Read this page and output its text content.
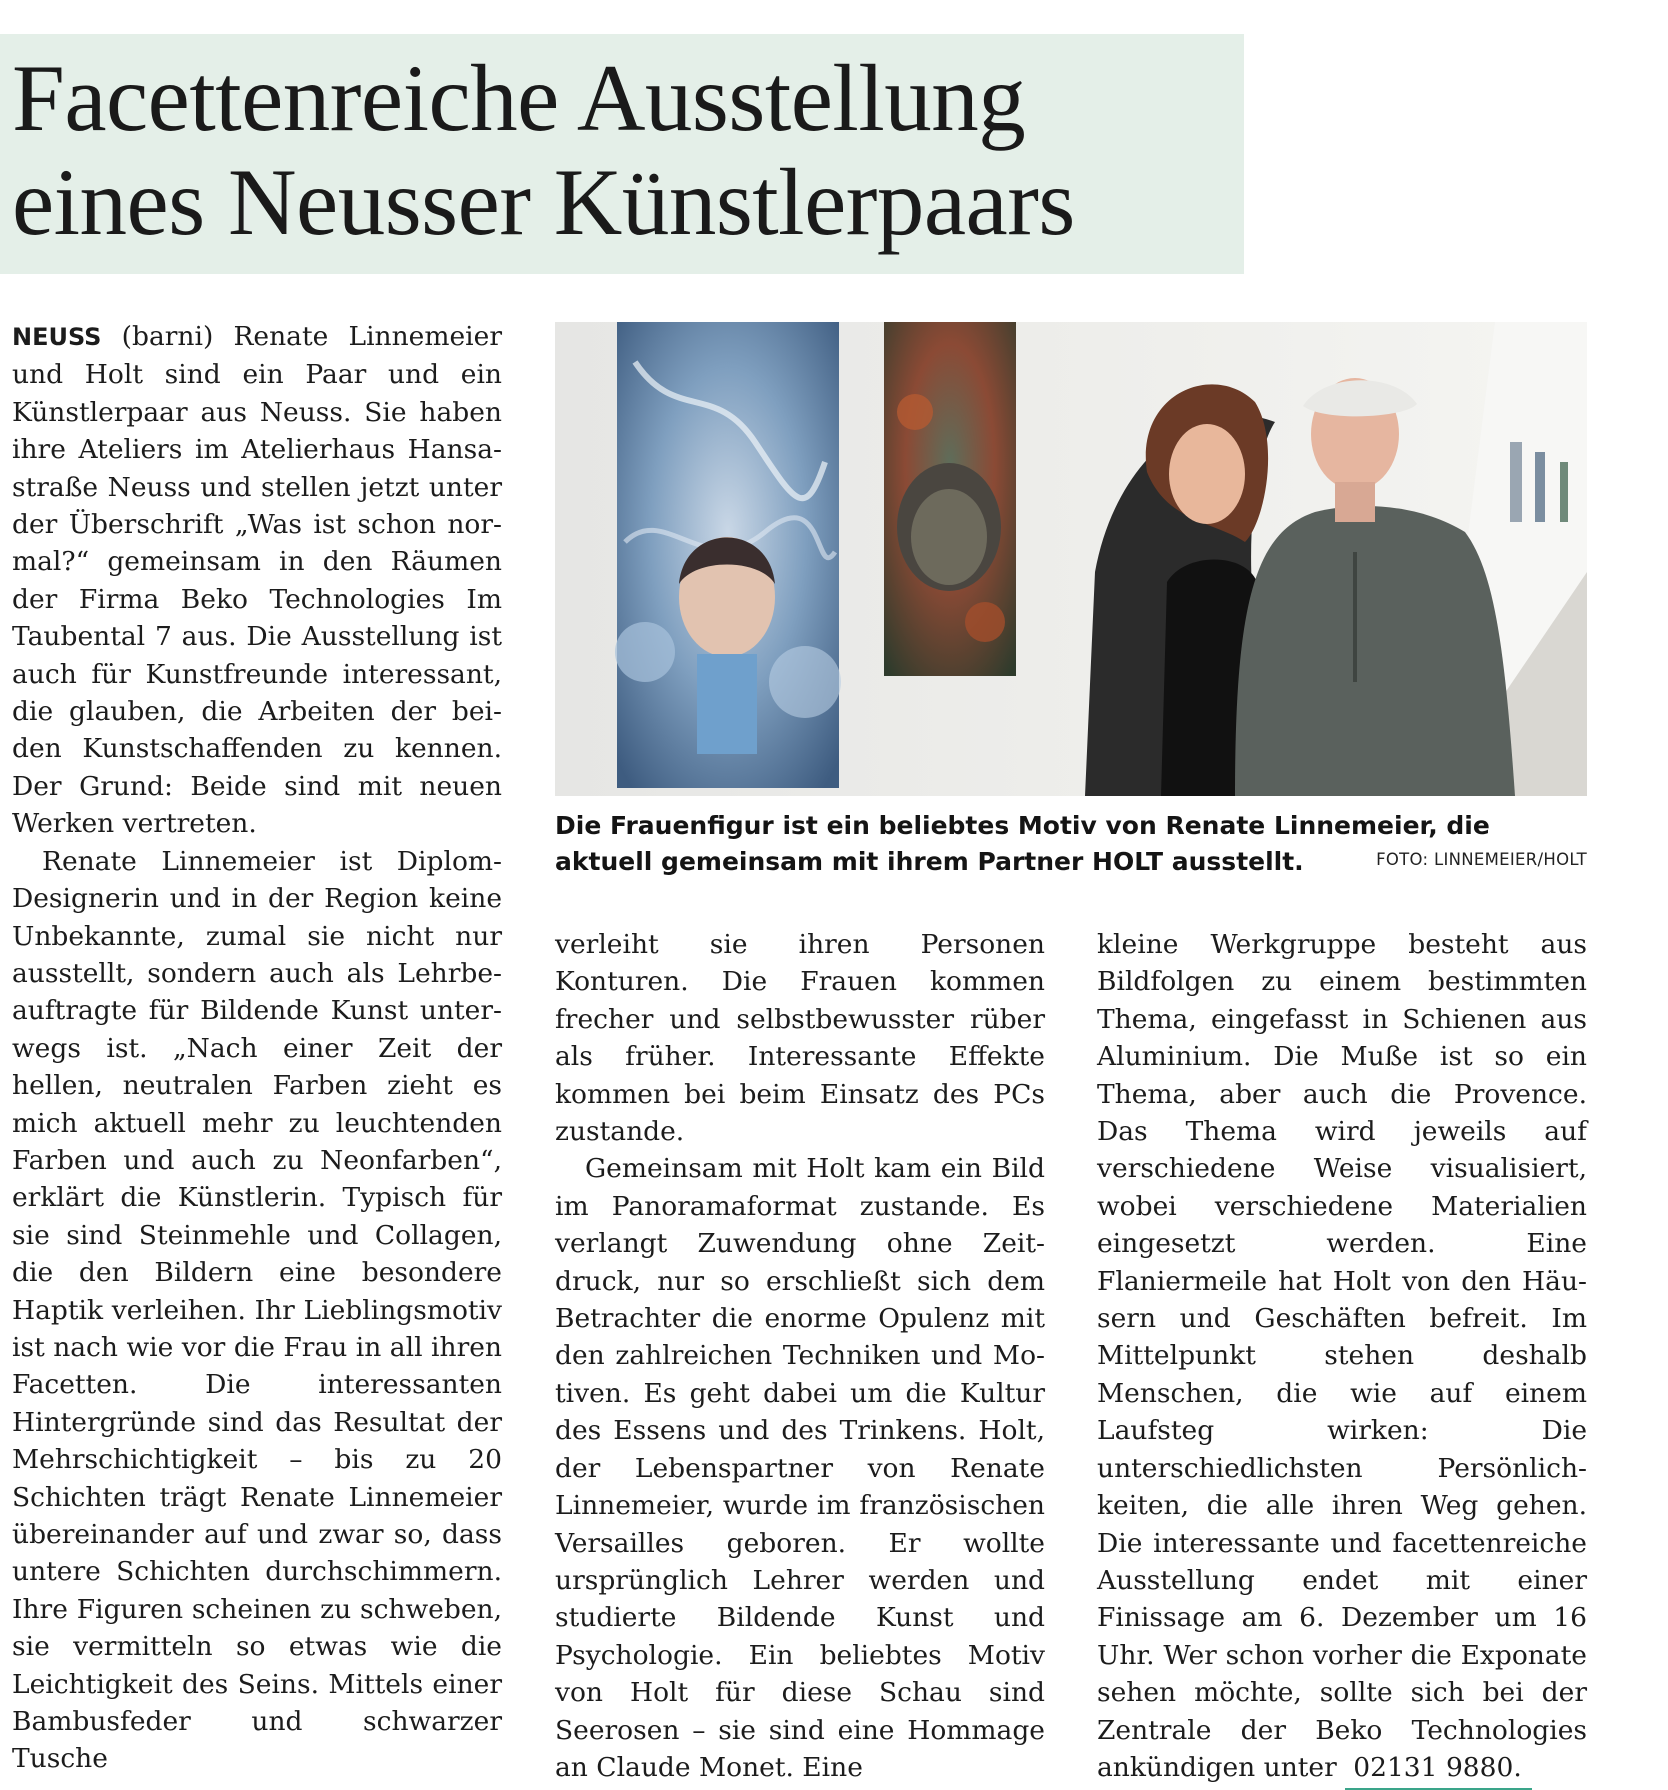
Facettenreiche Ausstellung
eines Neusser Künstlerpaars

NEUSS (barni) Renate Linnemeier und Holt sind ein Paar und ein Künstlerpaar aus Neuss. Sie haben ihre Ateliers im Atelierhaus Hansastraße Neuss und stellen jetzt unter der Überschrift „Was ist schon normal?“ gemeinsam in den Räumen der Firma Beko Technologies Im Taubental 7 aus. Die Ausstellung ist auch für Kunstfreunde interessant, die glauben, die Arbeiten der beiden Kunstschaffenden zu kennen. Der Grund: Beide sind mit neuen Werken vertreten.

Renate Linnemeier ist Diplom-Designerin und in der Region keine Unbekannte, zumal sie nicht nur ausstellt, sondern auch als Lehrbeauftragte für Bildende Kunst unterwegs ist. „Nach einer Zeit der hellen, neutralen Farben zieht es mich aktuell mehr zu leuchtenden Farben und auch zu Neonfarben“, erklärt die Künstlerin. Typisch für sie sind Steinmehle und Collagen, die den Bildern eine besondere Haptik verleihen. Ihr Lieblingsmotiv ist nach wie vor die Frau in all ihren Facetten. Die interessanten Hintergründe sind das Resultat der Mehrschichtigkeit – bis zu 20 Schichten trägt Renate Linnemeier übereinander auf und zwar so, dass untere Schichten durchschimmern. Ihre Figuren scheinen zu schweben, sie vermitteln so etwas wie die Leichtigkeit des Seins. Mittels einer Bambusfeder und schwarzer Tusche

Die Frauenfigur ist ein beliebtes Motiv von Renate Linnemeier, die aktuell gemeinsam mit ihrem Partner HOLT ausstellt.	FOTO: LINNEMEIER/HOLT

verleiht sie ihren Personen Konturen. Die Frauen kommen frecher und selbstbewusster rüber als früher. Interessante Effekte kommen bei beim Einsatz des PCs zustande.

Gemeinsam mit Holt kam ein Bild im Panoramaformat zustande. Es verlangt Zuwendung ohne Zeitdruck, nur so erschließt sich dem Betrachter die enorme Opulenz mit den zahlreichen Techniken und Motiven. Es geht dabei um die Kultur des Essens und des Trinkens. Holt, der Lebenspartner von Renate Linnemeier, wurde im französischen Versailles geboren. Er wollte ursprünglich Lehrer werden und studierte Bildende Kunst und Psychologie. Ein beliebtes Motiv von Holt für diese Schau sind Seerosen – sie sind eine Hommage an Claude Monet. Eine

kleine Werkgruppe besteht aus Bildfolgen zu einem bestimmten Thema, eingefasst in Schienen aus Aluminium. Die Muße ist so ein Thema, aber auch die Provence. Das Thema wird jeweils auf verschiedene Weise visualisiert, wobei verschiedene Materialien eingesetzt werden. Eine Flaniermeile hat Holt von den Häusern und Geschäften befreit. Im Mittelpunkt stehen deshalb Menschen, die wie auf einem Laufsteg wirken: Die unterschiedlichsten Persönlichkeiten, die alle ihren Weg gehen. Die interessante und facettenreiche Ausstellung endet mit einer Finissage am 6. Dezember um 16 Uhr. Wer schon vorher die Exponate sehen möchte, sollte sich bei der Zentrale der Beko Technologies ankündigen unter 02131 9880.
